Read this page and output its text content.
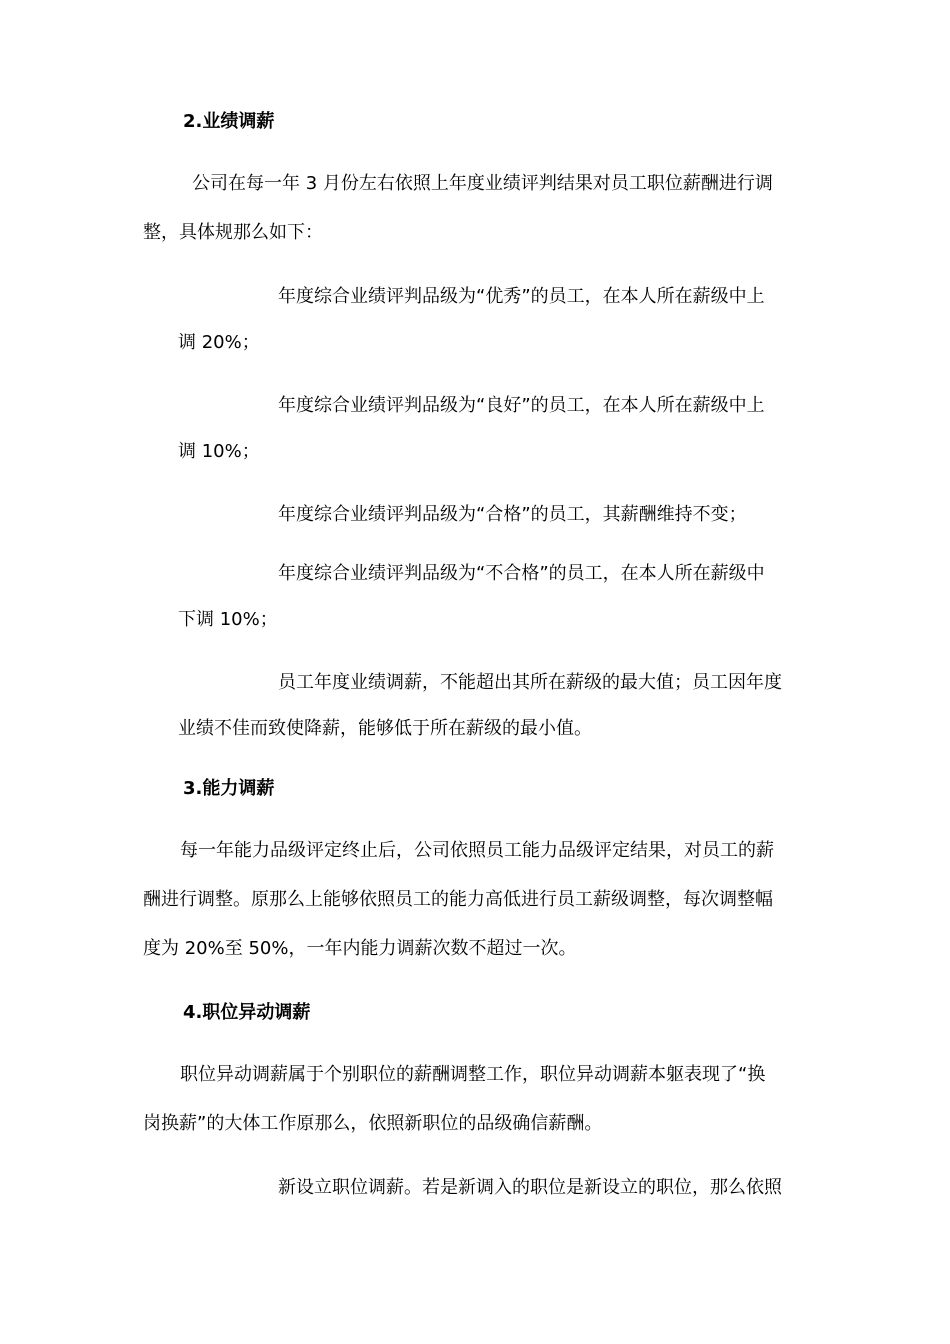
2.业绩调薪
公司在每一年 3 月份左右依照上年度业绩评判结果对员工职位薪酬进行调
整，具体规那么如下：
年度综合业绩评判品级为“优秀”的员工，在本人所在薪级中上
调 20%；
年度综合业绩评判品级为“良好”的员工，在本人所在薪级中上
调 10%；
年度综合业绩评判品级为“合格”的员工，其薪酬维持不变；
年度综合业绩评判品级为“不合格”的员工，在本人所在薪级中
下调 10%；
员工年度业绩调薪，不能超出其所在薪级的最大值；员工因年度
业绩不佳而致使降薪，能够低于所在薪级的最小值。
3.能力调薪
每一年能力品级评定终止后，公司依照员工能力品级评定结果，对员工的薪
酬进行调整。原那么上能够依照员工的能力高低进行员工薪级调整，每次调整幅
度为 20%至 50%，一年内能力调薪次数不超过一次。
4.职位异动调薪
职位异动调薪属于个别职位的薪酬调整工作，职位异动调薪本躯表现了“换
岗换薪”的大体工作原那么，依照新职位的品级确信薪酬。
新设立职位调薪。若是新调入的职位是新设立的职位，那么依照
